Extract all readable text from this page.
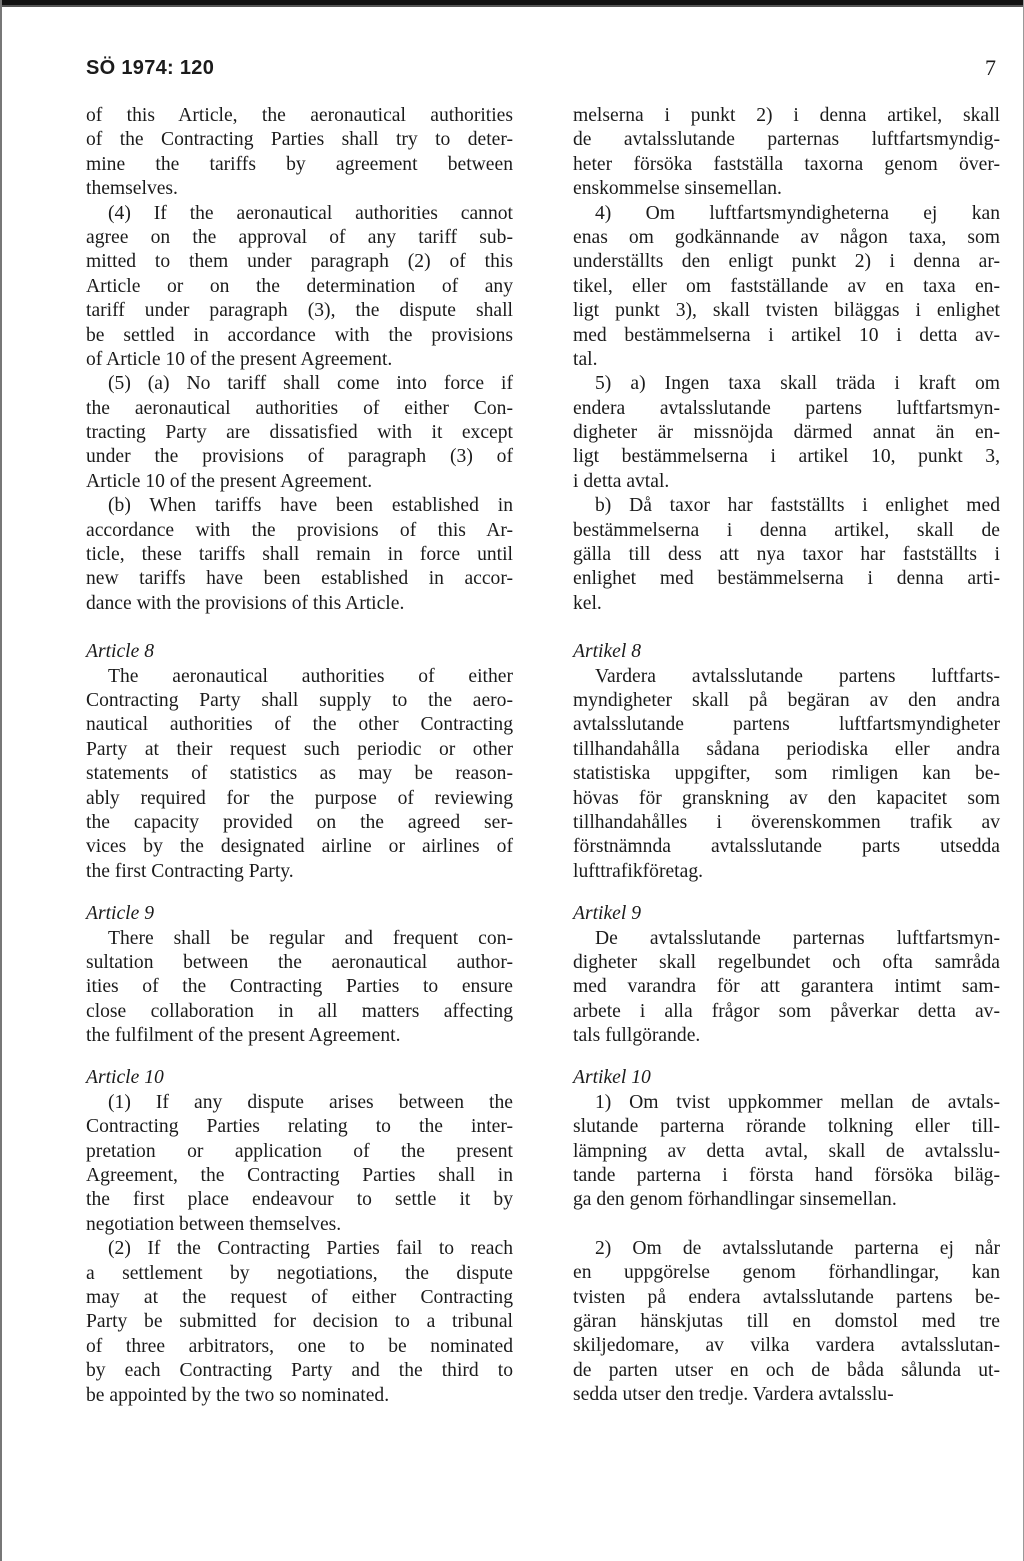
SÖ 1974: 120	7
of this Article, the aeronautical authorities
of the Contracting Parties shall try to deter-
mine the tariffs by agreement between
themselves.
(4) If the aeronautical authorities cannot
agree on the approval of any tariff sub-
mitted to them under paragraph (2) of this
Article or on the determination of any
tariff under paragraph (3), the dispute shall
be settled in accordance with the provisions
of Article 10 of the present Agreement.
(5) (a) No tariff shall come into force if
the aeronautical authorities of either Con-
tracting Party are dissatisfied with it except
under the provisions of paragraph (3) of
Article 10 of the present Agreement.
(b) When tariffs have been established in
accordance with the provisions of this Ar-
ticle, these tariffs shall remain in force until
new tariffs have been established in accor-
dance with the provisions of this Article.
Article 8
The aeronautical authorities of either
Contracting Party shall supply to the aero-
nautical authorities of the other Contracting
Party at their request such periodic or other
statements of statistics as may be reason-
ably required for the purpose of reviewing
the capacity provided on the agreed ser-
vices by the designated airline or airlines of
the first Contracting Party.
Article 9
There shall be regular and frequent con-
sultation between the aeronautical author-
ities of the Contracting Parties to ensure
close collaboration in all matters affecting
the fulfilment of the present Agreement.
Article 10
(1) If any dispute arises between the
Contracting Parties relating to the inter-
pretation or application of the present
Agreement, the Contracting Parties shall in
the first place endeavour to settle it by
negotiation between themselves.
(2) If the Contracting Parties fail to reach
a settlement by negotiations, the dispute
may at the request of either Contracting
Party be submitted for decision to a tribunal
of three arbitrators, one to be nominated
by each Contracting Party and the third to
be appointed by the two so nominated.
melserna i punkt 2) i denna artikel, skall
de avtalsslutande parternas luftfartsmyndig-
heter försöka fastställa taxorna genom över-
enskommelse sinsemellan.
4) Om luftfartsmyndigheterna ej kan
enas om godkännande av någon taxa, som
underställts den enligt punkt 2) i denna ar-
tikel, eller om fastställande av en taxa en-
ligt punkt 3), skall tvisten biläggas i enlighet
med bestämmelserna i artikel 10 i detta av-
tal.
5) a) Ingen taxa skall träda i kraft om
endera avtalsslutande partens luftfartsmyn-
digheter är missnöjda därmed annat än en-
ligt bestämmelserna i artikel 10, punkt 3,
i detta avtal.
b) Då taxor har fastställts i enlighet med
bestämmelserna i denna artikel, skall de
gälla till dess att nya taxor har fastställts i
enlighet med bestämmelserna i denna arti-
kel.
Artikel 8
Vardera avtalsslutande partens luftfarts-
myndigheter skall på begäran av den andra
avtalsslutande partens luftfartsmyndigheter
tillhandahålla sådana periodiska eller andra
statistiska uppgifter, som rimligen kan be-
hövas för granskning av den kapacitet som
tillhandahålles i överenskommen trafik av
förstnämnda avtalsslutande parts utsedda
lufttrafikföretag.
Artikel 9
De avtalsslutande parternas luftfartsmyn-
digheter skall regelbundet och ofta samråda
med varandra för att garantera intimt sam-
arbete i alla frågor som påverkar detta av-
tals fullgörande.
Artikel 10
1) Om tvist uppkommer mellan de avtals-
slutande parterna rörande tolkning eller till-
lämpning av detta avtal, skall de avtalsslu-
tande parterna i första hand försöka biläg-
ga den genom förhandlingar sinsemellan.
2) Om de avtalsslutande parterna ej når
en uppgörelse genom förhandlingar, kan
tvisten på endera avtalsslutande partens be-
gäran hänskjutas till en domstol med tre
skiljedomare, av vilka vardera avtalsslutan-
de parten utser en och de båda sålunda ut-
sedda utser den tredje. Vardera avtalsslu-
